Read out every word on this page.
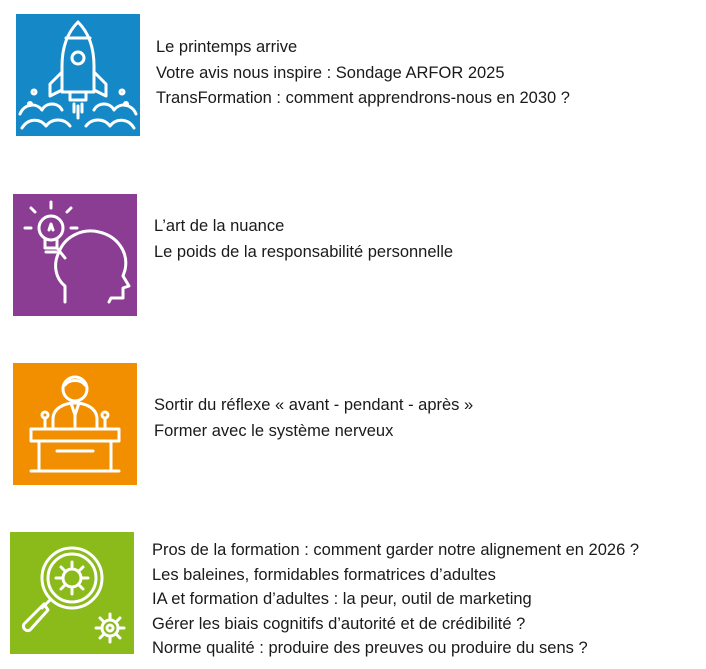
Le printemps arrive
Votre avis nous inspire : Sondage ARFOR 2025
TransFormation : comment apprendrons-nous en 2030 ?
L’art de la nuance
Le poids de la responsabilité personnelle
Sortir du réflexe « avant - pendant - après »
Former avec le système nerveux
Pros de la formation : comment garder notre alignement en 2026 ?
Les baleines, formidables formatrices d’adultes
IA et formation d’adultes : la peur, outil de marketing
Gérer les biais cognitifs d’autorité et de crédibilité ?
Norme qualité : produire des preuves ou produire du sens ?
